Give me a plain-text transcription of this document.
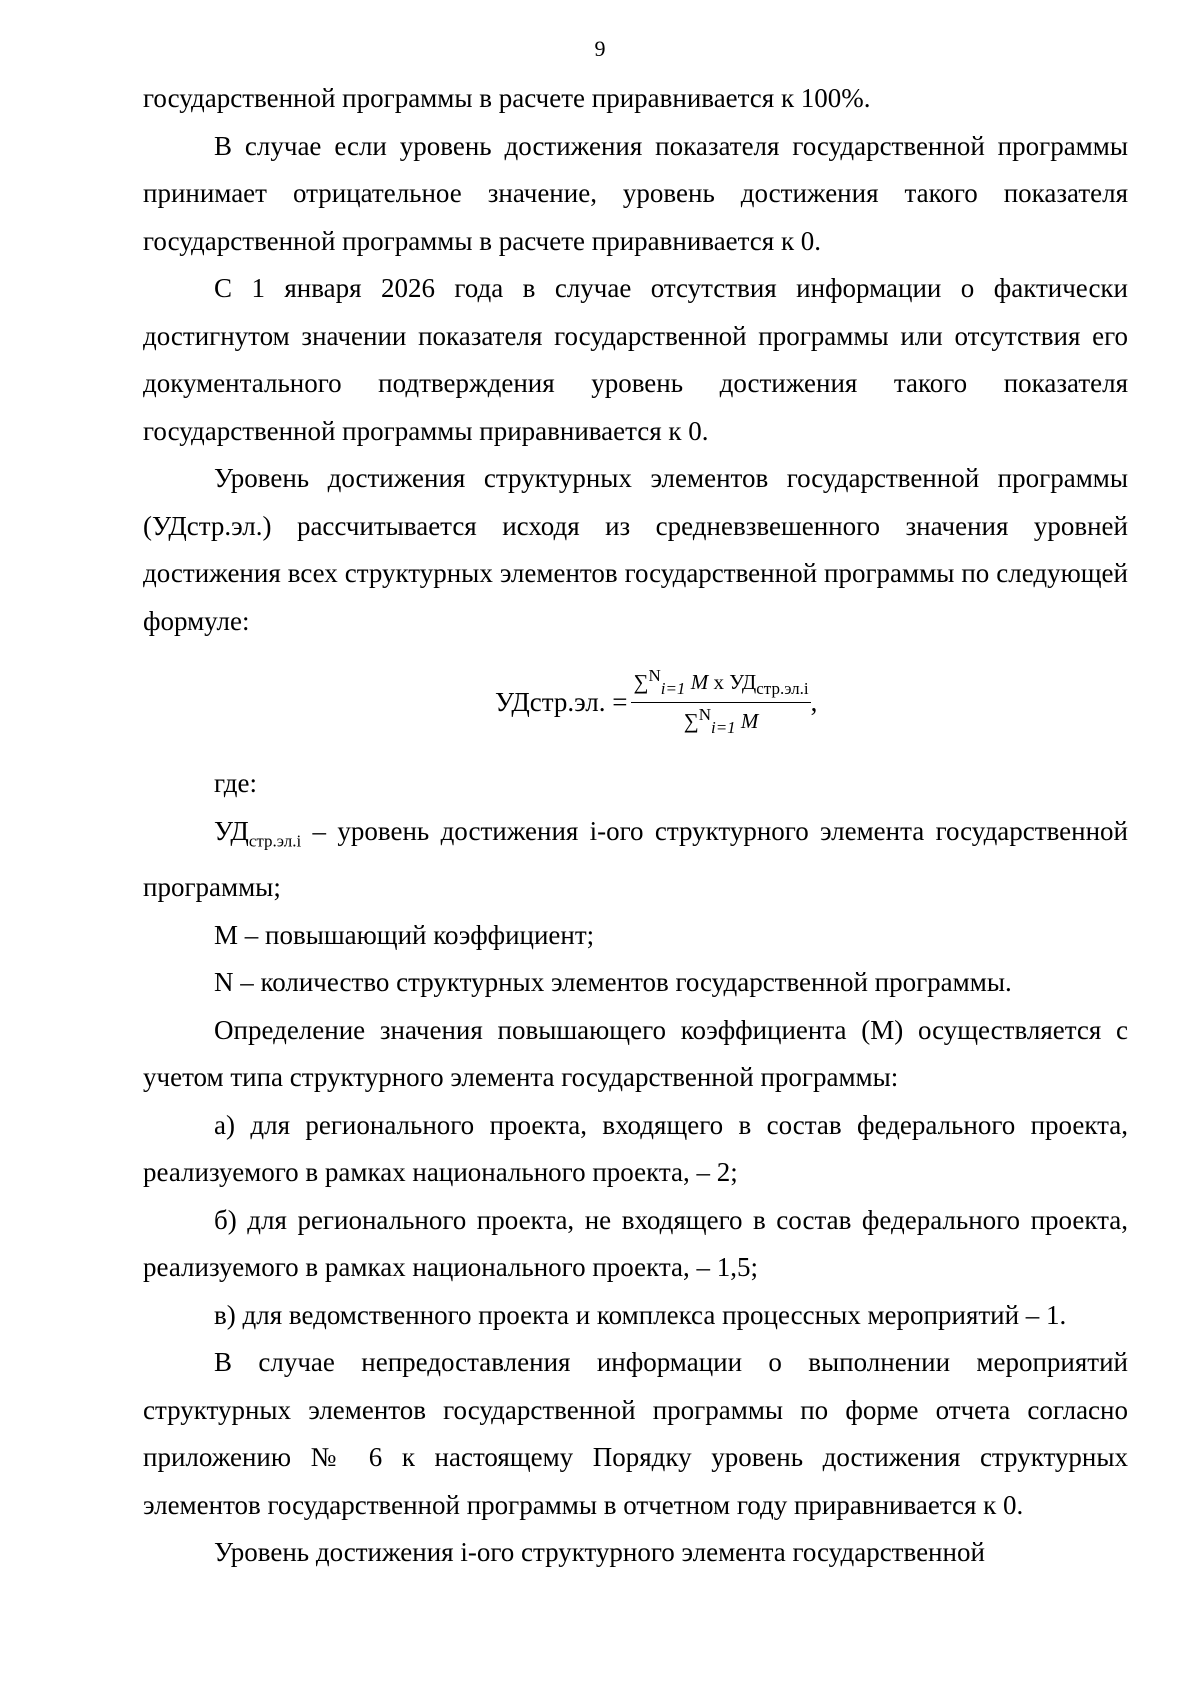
9

государственной программы в расчете приравнивается к 100%.

В случае если уровень достижения показателя государственной программы принимает отрицательное значение, уровень достижения такого показателя государственной программы в расчете приравнивается к 0.

С 1 января 2026 года в случае отсутствия информации о фактически достигнутом значении показателя государственной программы или отсутствия его документального подтверждения уровень достижения такого показателя государственной программы приравнивается к 0.

Уровень достижения структурных элементов государственной программы (УДстр.эл.) рассчитывается исходя из средневзвешенного значения уровней достижения всех структурных элементов государственной программы по следующей формуле:

УДстр.эл. = $\frac{\sum^N_{i=1} M x УД_{стр.эл.i}}{\sum^N_{i=1} M}$ ,

где:

$УД_{стр.эл.i}$ – уровень достижения i-ого структурного элемента государственной программы;

М – повышающий коэффициент;

N – количество структурных элементов государственной программы.

Определение значения повышающего коэффициента (М) осуществляется с учетом типа структурного элемента государственной программы:

а) для регионального проекта, входящего в состав федерального проекта, реализуемого в рамках национального проекта, – 2;

б) для регионального проекта, не входящего в состав федерального проекта, реализуемого в рамках национального проекта, – 1,5;

в) для ведомственного проекта и комплекса процессных мероприятий – 1.

В случае непредоставления информации о выполнении мероприятий структурных элементов государственной программы по форме отчета согласно приложению № 6 к настоящему Порядку уровень достижения структурных элементов государственной программы в отчетном году приравнивается к 0.

Уровень достижения i-ого структурного элемента государственной
